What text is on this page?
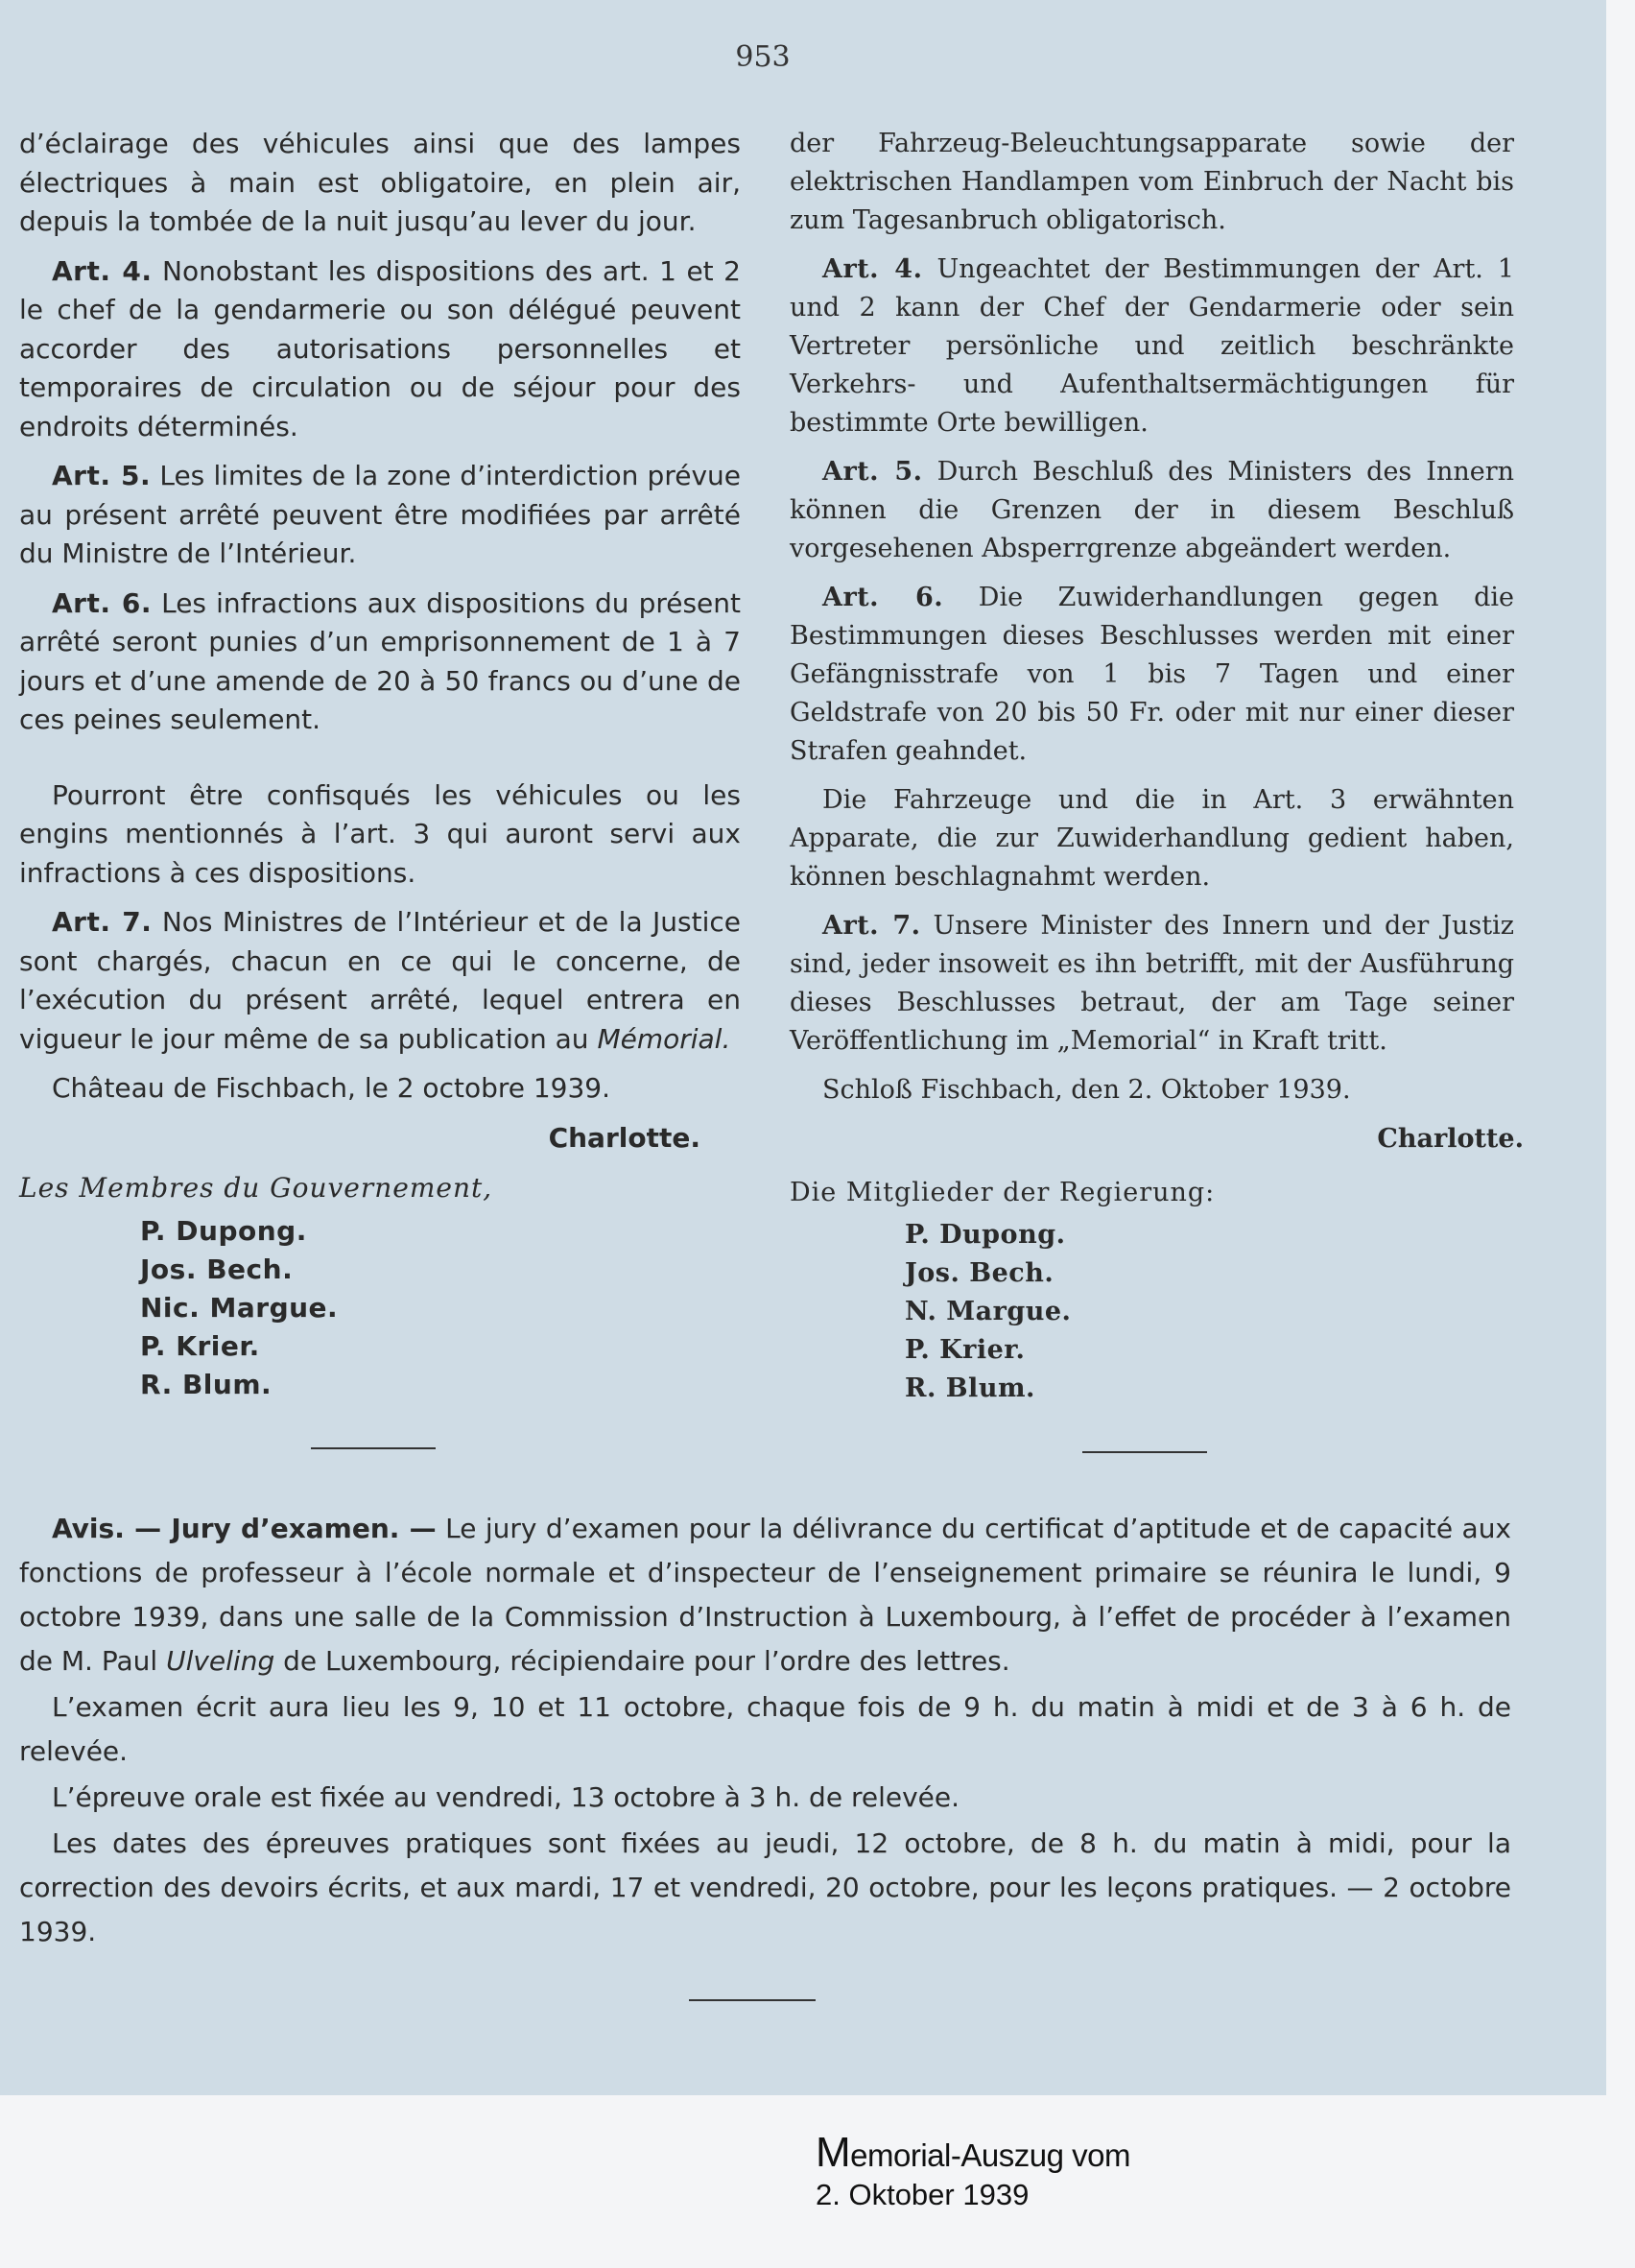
953

d’éclairage des véhicules ainsi que des lampes électriques à main est obligatoire, en plein air, depuis la tombée de la nuit jusqu’au lever du jour.

Art. 4. Nonobstant les dispositions des art. 1 et 2 le chef de la gendarmerie ou son délégué peuvent accorder des autorisations personnelles et temporaires de circulation ou de séjour pour des endroits déterminés.

Art. 5. Les limites de la zone d’interdiction prévue au présent arrêté peuvent être modifiées par arrêté du Ministre de l’Intérieur.

Art. 6. Les infractions aux dispositions du présent arrêté seront punies d’un emprisonnement de 1 à 7 jours et d’une amende de 20 à 50 francs ou d’une de ces peines seulement.

Pourront être confisqués les véhicules ou les engins mentionnés à l’art. 3 qui auront servi aux infractions à ces dispositions.

Art. 7. Nos Ministres de l’Intérieur et de la Justice sont chargés, chacun en ce qui le concerne, de l’exécution du présent arrêté, lequel entrera en vigueur le jour même de sa publication au Mémorial.

Château de Fischbach, le 2 octobre 1939.

Charlotte.
Les Membres du Gouvernement,
P. Dupong.
Jos. Bech.
Nic. Margue.
P. Krier.
R. Blum.

der Fahrzeug-Beleuchtungsapparate sowie der elektrischen Handlampen vom Einbruch der Nacht bis zum Tagesanbruch obligatorisch.

Art. 4. Ungeachtet der Bestimmungen der Art. 1 und 2 kann der Chef der Gendarmerie oder sein Vertreter persönliche und zeitlich beschränkte Verkehrs- und Aufenthaltsermächtigungen für bestimmte Orte bewilligen.

Art. 5. Durch Beschluß des Ministers des Innern können die Grenzen der in diesem Beschluß vorgesehenen Absperrgrenze abgeändert werden.

Art. 6. Die Zuwiderhandlungen gegen die Bestimmungen dieses Beschlusses werden mit einer Gefängnisstrafe von 1 bis 7 Tagen und einer Geldstrafe von 20 bis 50 Fr. oder mit nur einer dieser Strafen geahndet.

Die Fahrzeuge und die in Art. 3 erwähnten Apparate, die zur Zuwiderhandlung gedient haben, können beschlagnahmt werden.

Art. 7. Unsere Minister des Innern und der Justiz sind, jeder insoweit es ihn betrifft, mit der Ausführung dieses Beschlusses betraut, der am Tage seiner Veröffentlichung im „Memorial“ in Kraft tritt.

Schloß Fischbach, den 2. Oktober 1939.

Charlotte.
Die Mitglieder der Regierung:
P. Dupong.
Jos. Bech.
N. Margue.
P. Krier.
R. Blum.

Avis. — Jury d’examen. — Le jury d’examen pour la délivrance du certificat d’aptitude et de capacité aux fonctions de professeur à l’école normale et d’inspecteur de l’enseignement primaire se réunira le lundi, 9 octobre 1939, dans une salle de la Commission d’Instruction à Luxembourg, à l’effet de procéder à l’examen de M. Paul Ulveling de Luxembourg, récipiendaire pour l’ordre des lettres.

L’examen écrit aura lieu les 9, 10 et 11 octobre, chaque fois de 9 h. du matin à midi et de 3 à 6 h. de relevée.

L’épreuve orale est fixée au vendredi, 13 octobre à 3 h. de relevée.

Les dates des épreuves pratiques sont fixées au jeudi, 12 octobre, de 8 h. du matin à midi, pour la correction des devoirs écrits, et aux mardi, 17 et vendredi, 20 octobre, pour les leçons pratiques. — 2 octobre 1939.

Memorial-Auszug vom
2. Oktober 1939
